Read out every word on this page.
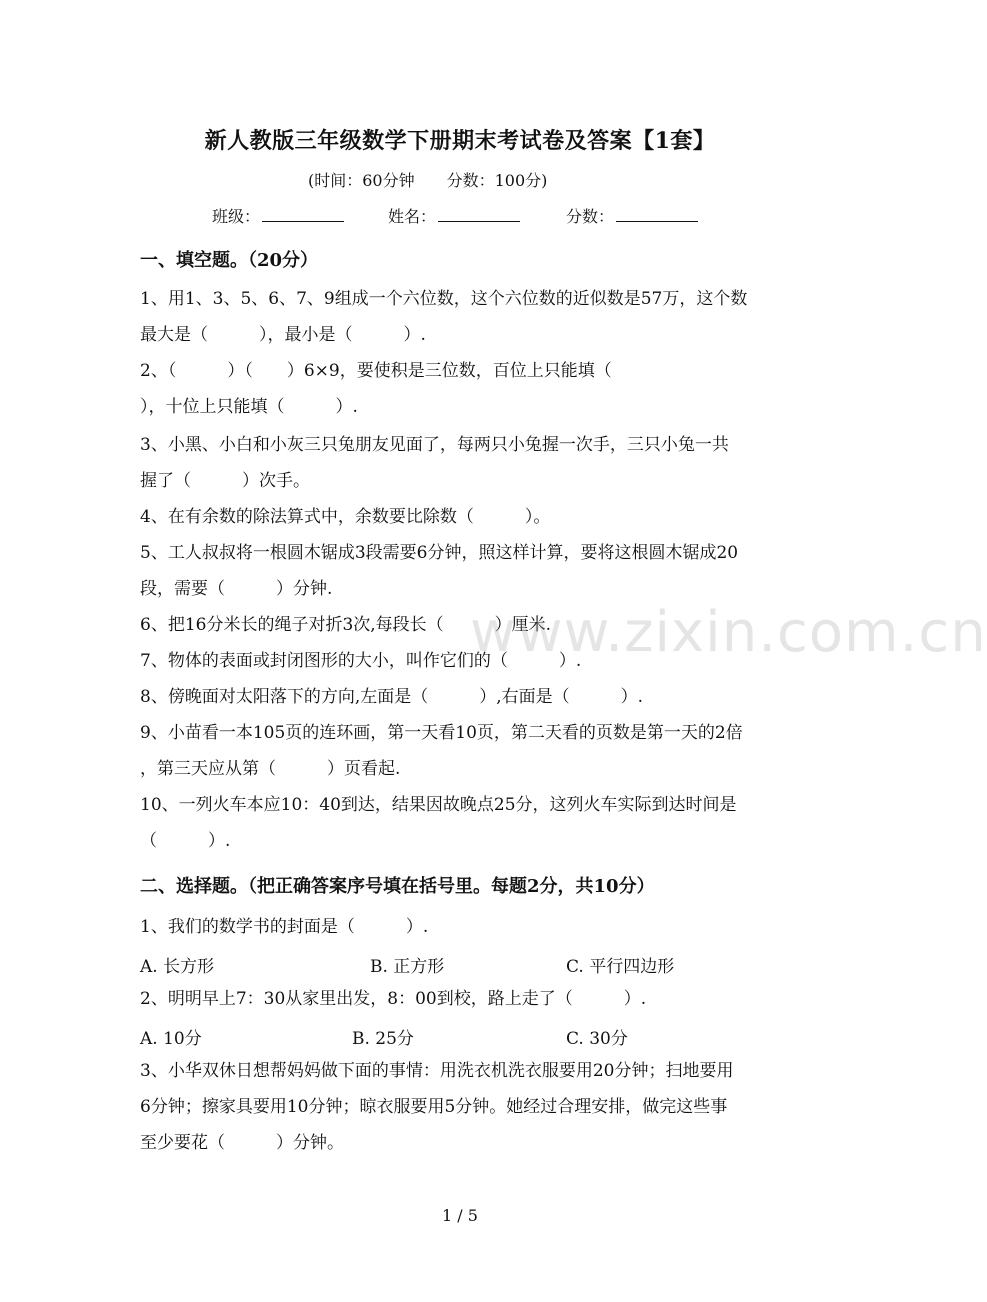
新人教版三年级数学下册期末考试卷及答案【1套】
(时间：60分钟　　分数：100分)
班级：	姓名：	分数：
一、填空题。（20分）
1、用1、3、5、6、7、9组成一个六位数，这个六位数的近似数是57万，这个数
最大是（　　　），最小是（　　　）.
2、（　　　）（　　）6×9，要使积是三位数，百位上只能填（
），十位上只能填（　　　）.
3、小黑、小白和小灰三只兔朋友见面了，每两只小兔握一次手，三只小兔一共
握了（　　　）次手。
4、在有余数的除法算式中，余数要比除数（　　　）。
5、工人叔叔将一根圆木锯成3段需要6分钟，照这样计算，要将这根圆木锯成20
段，需要（　　　）分钟.
6、把16分米长的绳子对折3次,每段长（　　　）厘米.
7、物体的表面或封闭图形的大小，叫作它们的（　　　）.
8、傍晚面对太阳落下的方向,左面是（　　　）,右面是（　　　）.
9、小苗看一本105页的连环画，第一天看10页，第二天看的页数是第一天的2倍
，第三天应从第（　　　）页看起.
10、一列火车本应10：40到达，结果因故晚点25分，这列火车实际到达时间是
（　　　）.
二、选择题。（把正确答案序号填在括号里。每题2分，共10分）
1、我们的数学书的封面是（　　　）.
A. 长方形	B. 正方形	C. 平行四边形
2、明明早上7：30从家里出发，8：00到校，路上走了（　　　）.
A. 10分	B. 25分	C. 30分
3、小华双休日想帮妈妈做下面的事情：用洗衣机洗衣服要用20分钟；扫地要用
6分钟；擦家具要用10分钟；晾衣服要用5分钟。她经过合理安排，做完这些事
至少要花（　　　）分钟。
www.zixin.com.cn
1 / 5
